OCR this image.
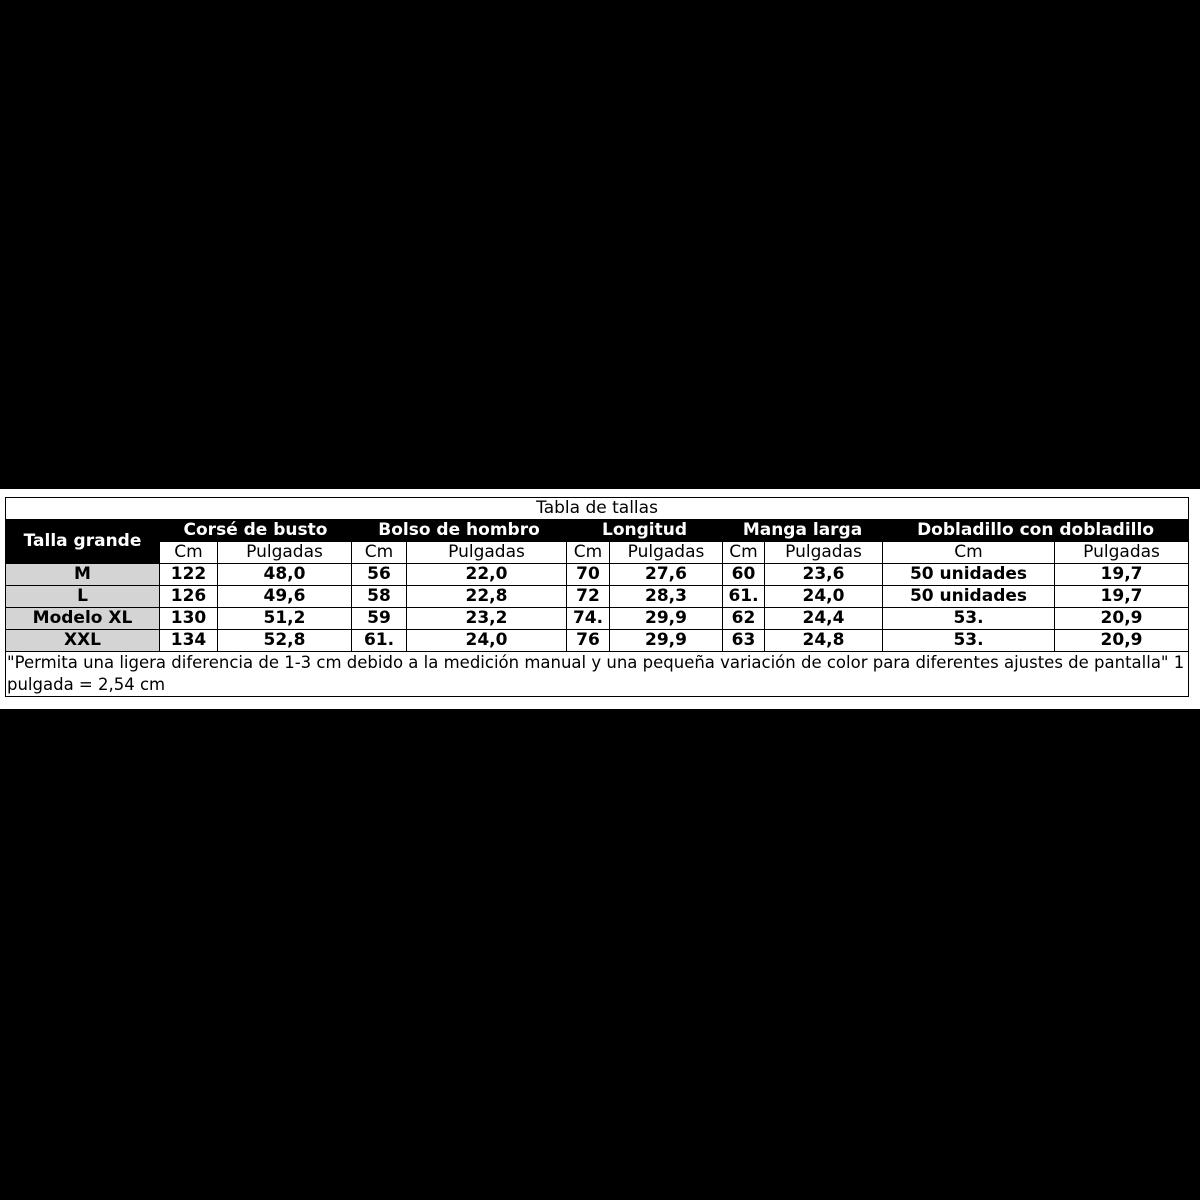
Tabla de tallas										
Talla grande	Corsé de busto		Bolso de hombro		Longitud		Manga larga		Dobladillo con dobladillo	
	Cm	Pulgadas	Cm	Pulgadas	Cm	Pulgadas	Cm	Pulgadas	Cm	Pulgadas
M	122	48,0	56	22,0	70	27,6	60	23,6	50 unidades	19,7
L	126	49,6	58	22,8	72	28,3	61.	24,0	50 unidades	19,7
Modelo XL	130	51,2	59	23,2	74.	29,9	62	24,4	53.	20,9
XXL	134	52,8	61.	24,0	76	29,9	63	24,8	53.	20,9
"Permita una ligera diferencia de 1-3 cm debido a la medición manual y una pequeña variación de color para diferentes ajustes de pantalla" 1 pulgada = 2,54 cm										
